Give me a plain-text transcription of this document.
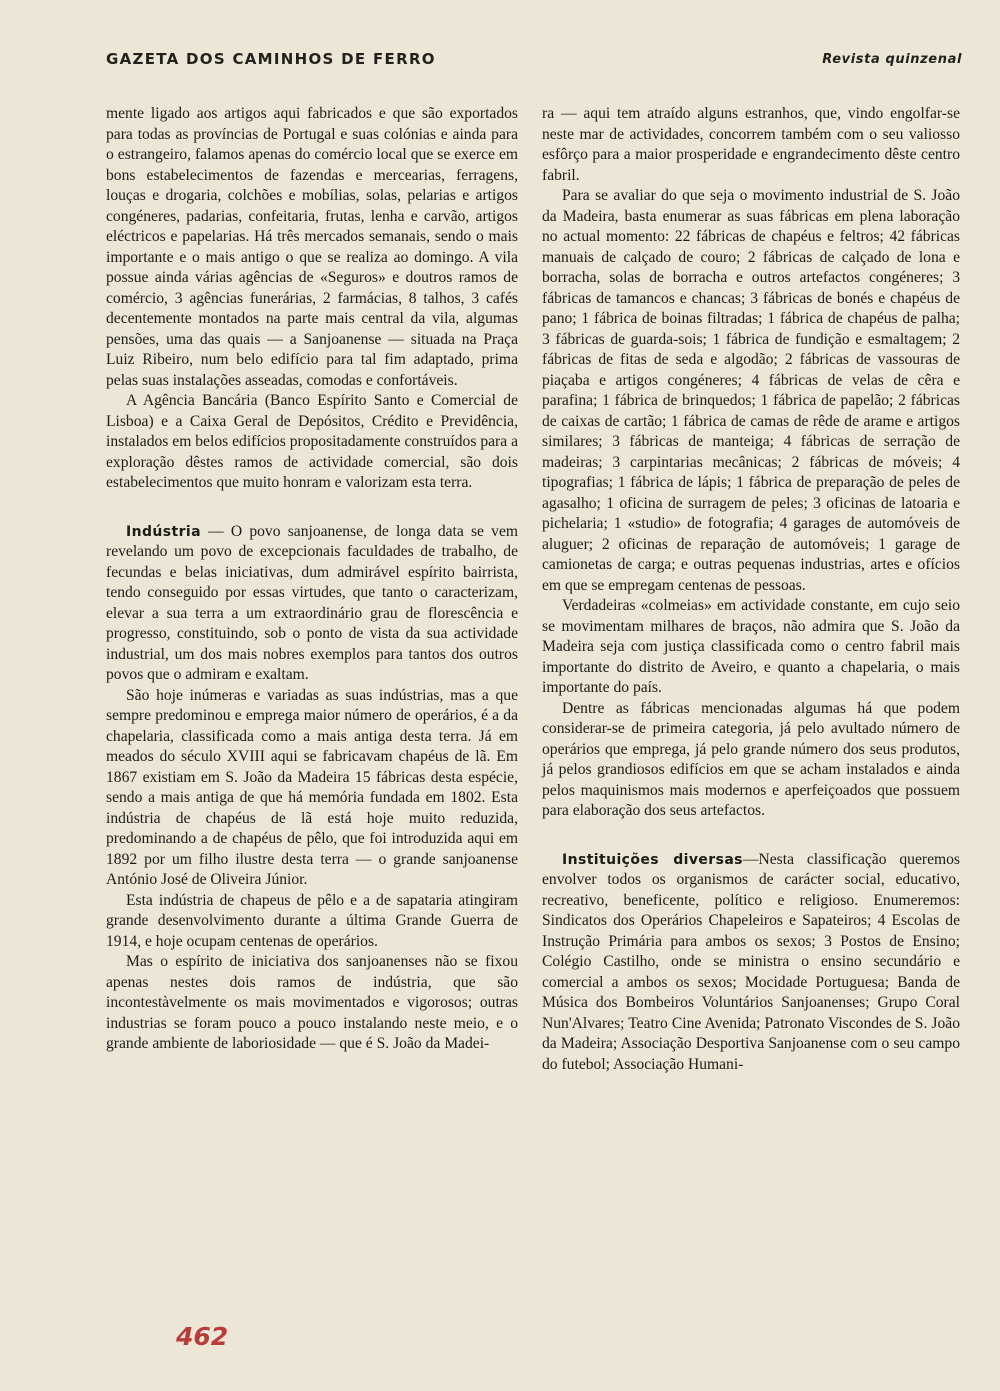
GAZETA DOS CAMINHOS DE FERRO	Revista quinzenal

mente ligado aos artigos aqui fabricados e que são exportados para todas as províncias de Portugal e suas colónias e ainda para o estrangeiro, falamos apenas do comércio local que se exerce em bons estabelecimentos de fazendas e mercearias, ferragens, louças e drogaria, colchões e mobílias, solas, pelarias e artigos congéneres, padarias, confeitaria, frutas, lenha e carvão, artigos eléctricos e papelarias. Há três mercados semanais, sendo o mais importante e o mais antigo o que se realiza ao domingo. A vila possue ainda várias agências de «Seguros» e doutros ramos de comércio, 3 agências funerárias, 2 farmácias, 8 talhos, 3 cafés decentemente montados na parte mais central da vila, algumas pensões, uma das quais — a Sanjoanense — situada na Praça Luiz Ribeiro, num belo edifício para tal fim adaptado, prima pelas suas instalações asseadas, comodas e confortáveis.

A Agência Bancária (Banco Espírito Santo e Comercial de Lisboa) e a Caixa Geral de Depósitos, Crédito e Previdência, instalados em belos edifícios propositadamente construídos para a exploração dêstes ramos de actividade comercial, são dois estabelecimentos que muito honram e valorizam esta terra.

Indústria — O povo sanjoanense, de longa data se vem revelando um povo de excepcionais faculdades de trabalho, de fecundas e belas iniciativas, dum admirável espírito bairrista, tendo conseguido por essas virtudes, que tanto o caracterizam, elevar a sua terra a um extraordinário grau de florescência e progresso, constituindo, sob o ponto de vista da sua actividade industrial, um dos mais nobres exemplos para tantos dos outros povos que o admiram e exaltam.

São hoje inúmeras e variadas as suas indústrias, mas a que sempre predominou e emprega maior número de operários, é a da chapelaria, classificada como a mais antiga desta terra. Já em meados do século XVIII aqui se fabricavam chapéus de lã. Em 1867 existiam em S. João da Madeira 15 fábricas desta espécie, sendo a mais antiga de que há memória fundada em 1802. Esta indústria de chapéus de lã está hoje muito reduzida, predominando a de chapéus de pêlo, que foi introduzida aqui em 1892 por um filho ilustre desta terra — o grande sanjoanense António José de Oliveira Júnior.

Esta indústria de chapeus de pêlo e a de sapataria atingiram grande desenvolvimento durante a última Grande Guerra de 1914, e hoje ocupam centenas de operários.

Mas o espírito de iniciativa dos sanjoanenses não se fixou apenas nestes dois ramos de indústria, que são incontestàvelmente os mais movimentados e vigorosos; outras industrias se foram pouco a pouco instalando neste meio, e o grande ambiente de laboriosidade — que é S. João da Madei-

ra — aqui tem atraído alguns estranhos, que, vindo engolfar-se neste mar de actividades, concorrem também com o seu valiosso esfôrço para a maior prosperidade e engrandecimento dêste centro fabril.

Para se avaliar do que seja o movimento industrial de S. João da Madeira, basta enumerar as suas fábricas em plena laboração no actual momento: 22 fábricas de chapéus e feltros; 42 fábricas manuais de calçado de couro; 2 fábricas de calçado de lona e borracha, solas de borracha e outros artefactos congéneres; 3 fábricas de tamancos e chancas; 3 fábricas de bonés e chapéus de pano; 1 fábrica de boinas filtradas; 1 fábrica de chapéus de palha; 3 fábricas de guarda-sois; 1 fábrica de fundição e esmaltagem; 2 fábricas de fitas de seda e algodão; 2 fábricas de vassouras de piaçaba e artigos congéneres; 4 fábricas de velas de cêra e parafina; 1 fábrica de brinquedos; 1 fábrica de papelão; 2 fábricas de caixas de cartão; 1 fábrica de camas de rêde de arame e artigos similares; 3 fábricas de manteiga; 4 fábricas de serração de madeiras; 3 carpintarias mecânicas; 2 fábricas de móveis; 4 tipografias; 1 fábrica de lápis; 1 fábrica de preparação de peles de agasalho; 1 oficina de surragem de peles; 3 oficinas de latoaria e pichelaria; 1 «studio» de fotografia; 4 garages de automóveis de aluguer; 2 oficinas de reparação de automóveis; 1 garage de camionetas de carga; e outras pequenas industrias, artes e ofícios em que se empregam centenas de pessoas.

Verdadeiras «colmeias» em actividade constante, em cujo seio se movimentam milhares de braços, não admira que S. João da Madeira seja com justiça classificada como o centro fabril mais importante do distrito de Aveiro, e quanto a chapelaria, o mais importante do país.

Dentre as fábricas mencionadas algumas há que podem considerar-se de primeira categoria, já pelo avultado número de operários que emprega, já pelo grande número dos seus produtos, já pelos grandiosos edifícios em que se acham instalados e ainda pelos maquinismos mais modernos e aperfeiçoados que possuem para elaboração dos seus artefactos.

Instituições diversas—Nesta classificação queremos envolver todos os organismos de carácter social, educativo, recreativo, beneficente, político e religioso. Enumeremos: Sindicatos dos Operários Chapeleiros e Sapateiros; 4 Escolas de Instrução Primária para ambos os sexos; 3 Postos de Ensino; Colégio Castilho, onde se ministra o ensino secundário e comercial a ambos os sexos; Mocidade Portuguesa; Banda de Música dos Bombeiros Voluntários Sanjoanenses; Grupo Coral Nun'Alvares; Teatro Cine Avenida; Patronato Viscondes de S. João da Madeira; Associação Desportiva Sanjoanense com o seu campo do futebol; Associação Humani-

462
